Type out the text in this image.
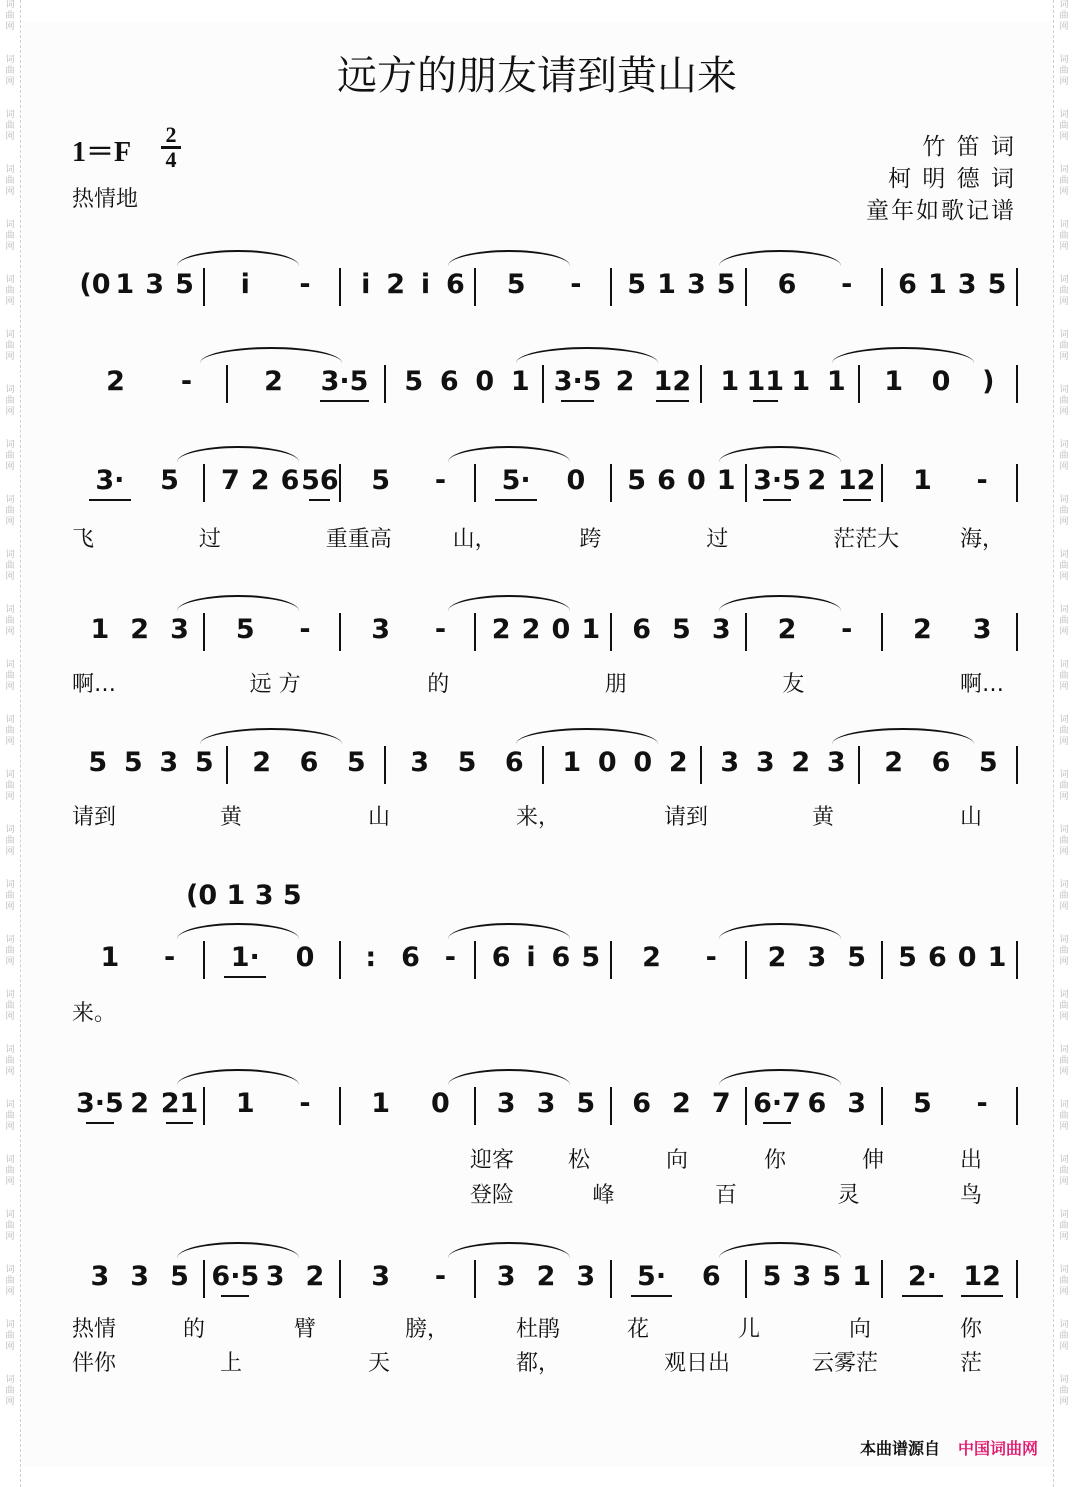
词
曲
网

词
曲
网

词
曲
网

词
曲
网

词
曲
网

词
曲
网

词
曲
网

词
曲
网

词
曲
网

词
曲
网

词
曲
网

词
曲
网

词
曲
网

词
曲
网

词
曲
网

词
曲
网

词
曲
网

词
曲
网

词
曲
网

词
曲
网

词
曲
网

词
曲
网

词
曲
网

词
曲
网

词
曲
网

词
曲
网
词
曲
网

词
曲
网

词
曲
网

词
曲
网

词
曲
网

词
曲
网

词
曲
网

词
曲
网

词
曲
网

词
曲
网

词
曲
网

词
曲
网

词
曲
网

词
曲
网

词
曲
网

词
曲
网

词
曲
网

词
曲
网

词
曲
网

词
曲
网

词
曲
网

词
曲
网

词
曲
网

词
曲
网

词
曲
网

词
曲
网
远方的朋友请到黄山来
1＝F
2
4
热情地
竹 笛 词
柯 明 德 词
童年如歌记谱
(0 1 3 5 i - i 2 i 6 5 - 5 1 3 5 6 - 6 1 3 5
2 -	2 3·5 5 6 0 1 3·5 2 12 1 11 1 1 1 0 )
3· 5 7 2 6 56 5 - 5· 0 5 6 0 1 3·5 2 12 1 -
飞	过	重重高	山，	跨	过	茫茫大	海，
1 2 3 5 - 3 - 2 2 0 1 6 5 3 2 - 2 3
啊…	远 方	的	朋	友	啊…
5 5 3 5 2 6 5 3 5 6 1 0 0 2 3 3 2 3 2 6 5
请到	黄	山	来，	请到	黄	山
1 - 1· 0 : 6 - 6 i 6 5 2 - 2 3 5 5 6 0 1
(0 1 3 5
来。
3·5 2 21 1 - 1 0 3 3 5 6 2 7 6·7 6 3 5 -
迎客 松	向	你	伸	出
登险	峰	百	灵	鸟
3 3 5 6·5 3 2 3 - 3 2 3 5· 6 5 3 5 1 2· 12
热情	的	臂	膀，	杜鹃	花	儿	向	你
伴你	上	天	都，	观日出	云雾茫	茫
本曲谱源自 中国词曲网
